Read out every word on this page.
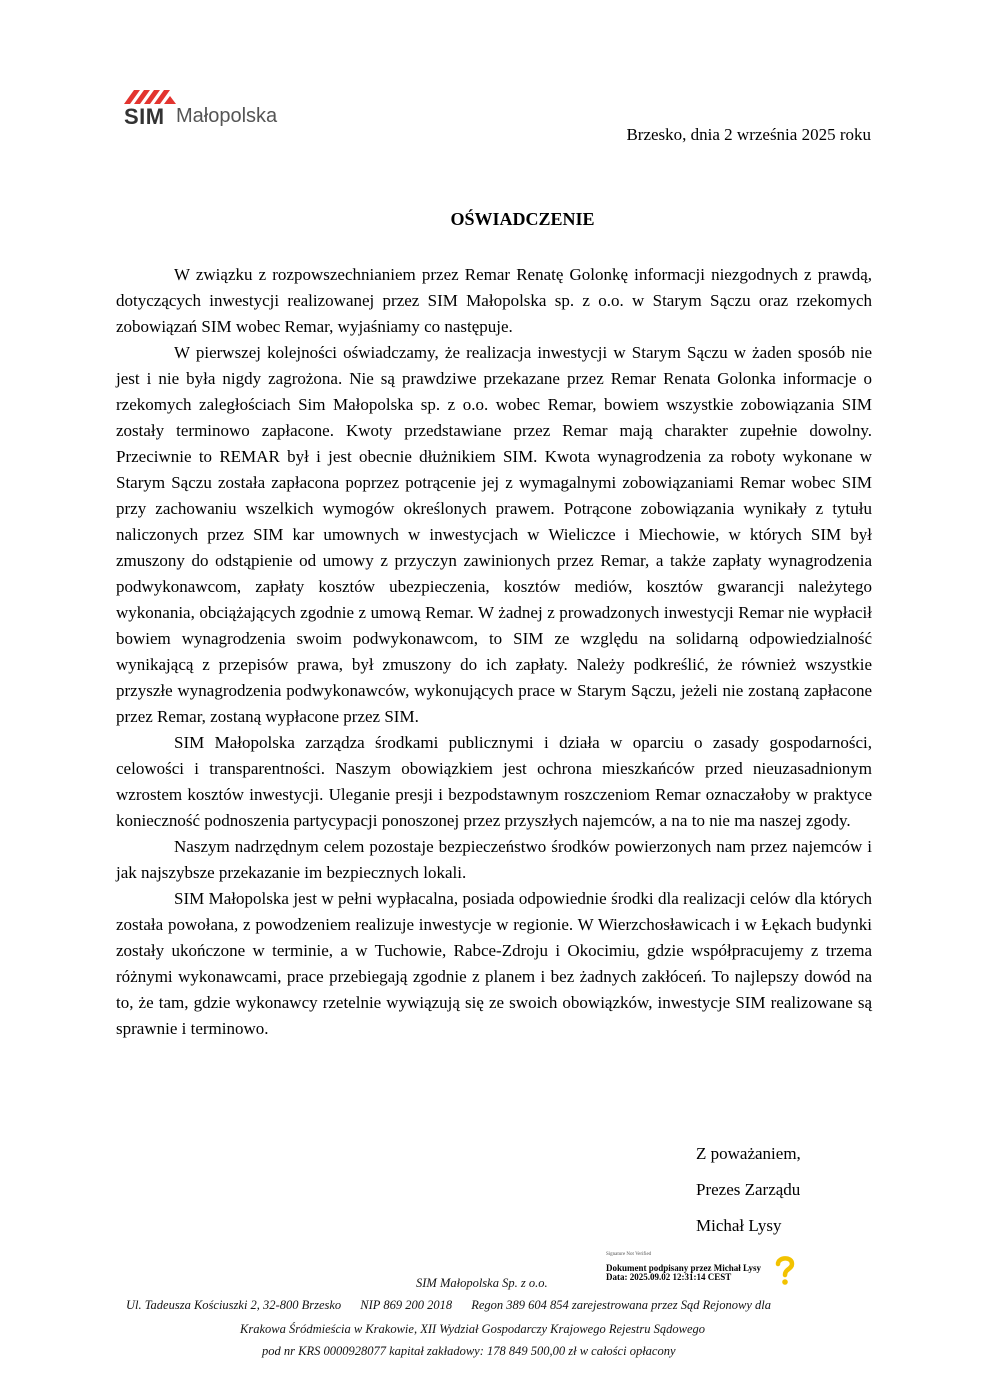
SIM Małopolska
Brzesko, dnia 2 września 2025 roku
OŚWIADCZENIE

W związku z rozpowszechnianiem przez Remar Renatę Golonkę informacji niezgodnych z prawdą, dotyczących inwestycji realizowanej przez SIM Małopolska sp. z o.o. w Starym Sączu oraz rzekomych zobowiązań SIM wobec Remar, wyjaśniamy co następuje.

W pierwszej kolejności oświadczamy, że realizacja inwestycji w Starym Sączu w żaden sposób nie jest i nie była nigdy zagrożona. Nie są prawdziwe przekazane przez Remar Renata Golonka informacje o rzekomych zaległościach Sim Małopolska sp. z o.o. wobec Remar, bowiem wszystkie zobowiązania SIM zostały terminowo zapłacone. Kwoty przedstawiane przez Remar mają charakter zupełnie dowolny. Przeciwnie to REMAR był i jest obecnie dłużnikiem SIM. Kwota wynagrodzenia za roboty wykonane w Starym Sączu została zapłacona poprzez potrącenie jej z wymagalnymi zobowiązaniami Remar wobec SIM przy zachowaniu wszelkich wymogów określonych prawem. Potrącone zobowiązania wynikały z tytułu naliczonych przez SIM kar umownych w inwestycjach w Wieliczce i Miechowie, w których SIM był zmuszony do odstąpienie od umowy z przyczyn zawinionych przez Remar, a także zapłaty wynagrodzenia podwykonawcom, zapłaty kosztów ubezpieczenia, kosztów mediów, kosztów gwarancji należytego wykonania, obciążających zgodnie z umową Remar. W żadnej z prowadzonych inwestycji Remar nie wypłacił bowiem wynagrodzenia swoim podwykonawcom, to SIM ze względu na solidarną odpowiedzialność wynikającą z przepisów prawa, był zmuszony do ich zapłaty. Należy podkreślić, że również wszystkie przyszłe wynagrodzenia podwykonawców, wykonujących prace w Starym Sączu, jeżeli nie zostaną zapłacone przez Remar, zostaną wypłacone przez SIM.

SIM Małopolska zarządza środkami publicznymi i działa w oparciu o zasady gospodarności, celowości i transparentności. Naszym obowiązkiem jest ochrona mieszkańców przed nieuzasadnionym wzrostem kosztów inwestycji. Uleganie presji i bezpodstawnym roszczeniom Remar oznaczałoby w praktyce konieczność podnoszenia partycypacji ponoszonej przez przyszłych najemców, a na to nie ma naszej zgody.

Naszym nadrzędnym celem pozostaje bezpieczeństwo środków powierzonych nam przez najemców i jak najszybsze przekazanie im bezpiecznych lokali.

SIM Małopolska jest w pełni wypłacalna, posiada odpowiednie środki dla realizacji celów dla których została powołana, z powodzeniem realizuje inwestycje w regionie. W Wierzchosławicach i w Łękach budynki zostały ukończone w terminie, a w Tuchowie, Rabce-Zdroju i Okocimiu, gdzie współpracujemy z trzema różnymi wykonawcami, prace przebiegają zgodnie z planem i bez żadnych zakłóceń. To najlepszy dowód na to, że tam, gdzie wykonawcy rzetelnie wywiązują się ze swoich obowiązków, inwestycje SIM realizowane są sprawnie i terminowo.

Z poważaniem,
Prezes Zarządu
Michał Lysy
Signature Not Verified
Dokument podpisany przez Michał Lysy
Data: 2025.09.02 12:31:14 CEST
SIM Małopolska Sp. z o.o.
Ul. Tadeusza Kościuszki 2, 32-800 Brzesko NIP 869 200 2018 Regon 389 604 854 zarejestrowana przez Sąd Rejonowy dla
Krakowa Śródmieścia w Krakowie, XII Wydział Gospodarczy Krajowego Rejestru Sądowego
pod nr KRS 0000928077 kapitał zakładowy: 178 849 500,00 zł w całości opłacony
